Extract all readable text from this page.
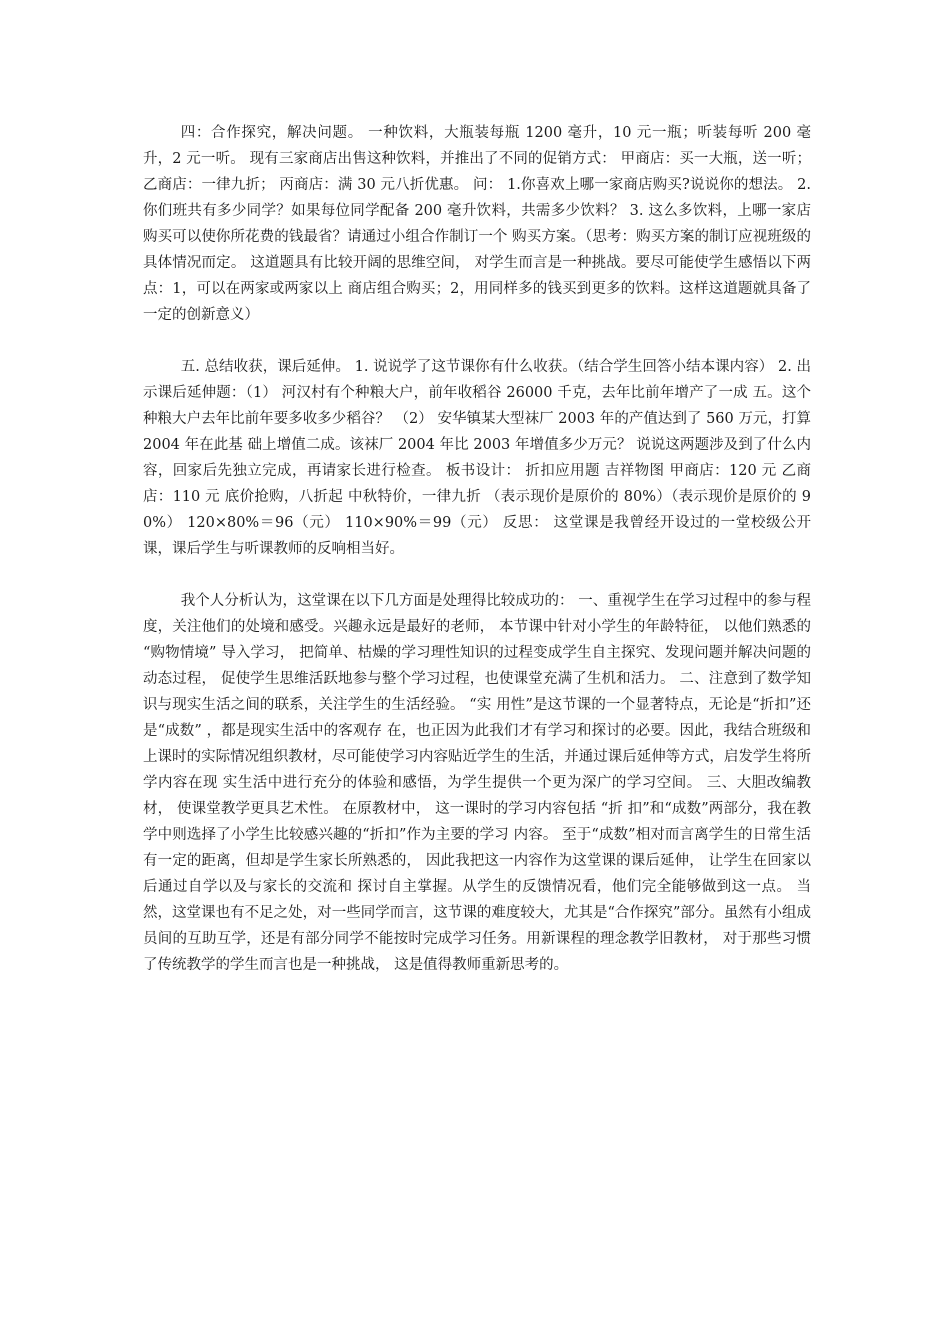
四：合作探究，解决问题。 一种饮料，大瓶装每瓶 1200 毫升，10 元一瓶；听装每听 200 毫升，2 元一听。 现有三家商店出售这种饮料，并推出了不同的促销方式： 甲商店：买一大瓶，送一听； 乙商店：一律九折； 丙商店：满 30 元八折优惠。 问： 1.你喜欢上哪一家商店购买?说说你的想法。 2. 你们班共有多少同学？如果每位同学配备 200 毫升饮料，共需多少饮料？ 3. 这么多饮料，上哪一家店购买可以使你所花费的钱最省？请通过小组合作制订一个 购买方案。（思考：购买方案的制订应视班级的具体情况而定。 这道题具有比较开阔的思维空间， 对学生而言是一种挑战。要尽可能使学生感悟以下两点：1，可以在两家或两家以上 商店组合购买；2，用同样多的钱买到更多的饮料。这样这道题就具备了一定的创新意义）

五. 总结收获，课后延伸。 1. 说说学了这节课你有什么收获。（结合学生回答小结本课内容） 2. 出示课后延伸题：（1） 河汉村有个种粮大户，前年收稻谷 26000 千克，去年比前年增产了一成 五。这个种粮大户去年比前年要多收多少稻谷？ （2） 安华镇某大型袜厂 2003 年的产值达到了 560 万元，打算 2004 年在此基 础上增值二成。该袜厂 2004 年比 2003 年增值多少万元？ 说说这两题涉及到了什么内容，回家后先独立完成，再请家长进行检查。 板书设计： 折扣应用题 吉祥物图 甲商店：120 元 乙商店：110 元 底价抢购，八折起 中秋特价，一律九折 （表示现价是原价的 80%）（表示现价是原价的 90%） 120×80%＝96（元） 110×90%＝99（元） 反思： 这堂课是我曾经开设过的一堂校级公开课，课后学生与听课教师的反响相当好。

我个人分析认为，这堂课在以下几方面是处理得比较成功的： 一、重视学生在学习过程中的参与程度，关注他们的处境和感受。兴趣永远是最好的老师， 本节课中针对小学生的年龄特征， 以他们熟悉的 “购物情境” 导入学习， 把简单、枯燥的学习理性知识的过程变成学生自主探究、发现问题并解决问题的动态过程， 促使学生思维活跃地参与整个学习过程，也使课堂充满了生机和活力。 二、注意到了数学知识与现实生活之间的联系，关注学生的生活经验。 “实 用性”是这节课的一个显著特点，无论是“折扣”还是“成数” ，都是现实生活中的客观存 在，也正因为此我们才有学习和探讨的必要。因此，我结合班级和上课时的实际情况组织教材，尽可能使学习内容贴近学生的生活，并通过课后延伸等方式，启发学生将所学内容在现 实生活中进行充分的体验和感悟，为学生提供一个更为深广的学习空间。 三、大胆改编教材， 使课堂教学更具艺术性。 在原教材中， 这一课时的学习内容包括 “折 扣”和“成数”两部分，我在教学中则选择了小学生比较感兴趣的“折扣”作为主要的学习 内容。 至于“成数”相对而言离学生的日常生活有一定的距离，但却是学生家长所熟悉的， 因此我把这一内容作为这堂课的课后延伸， 让学生在回家以后通过自学以及与家长的交流和 探讨自主掌握。从学生的反馈情况看，他们完全能够做到这一点。 当然，这堂课也有不足之处，对一些同学而言，这节课的难度较大，尤其是“合作探究”部分。虽然有小组成员间的互助互学，还是有部分同学不能按时完成学习任务。用新课程的理念教学旧教材， 对于那些习惯了传统教学的学生而言也是一种挑战， 这是值得教师重新思考的。
